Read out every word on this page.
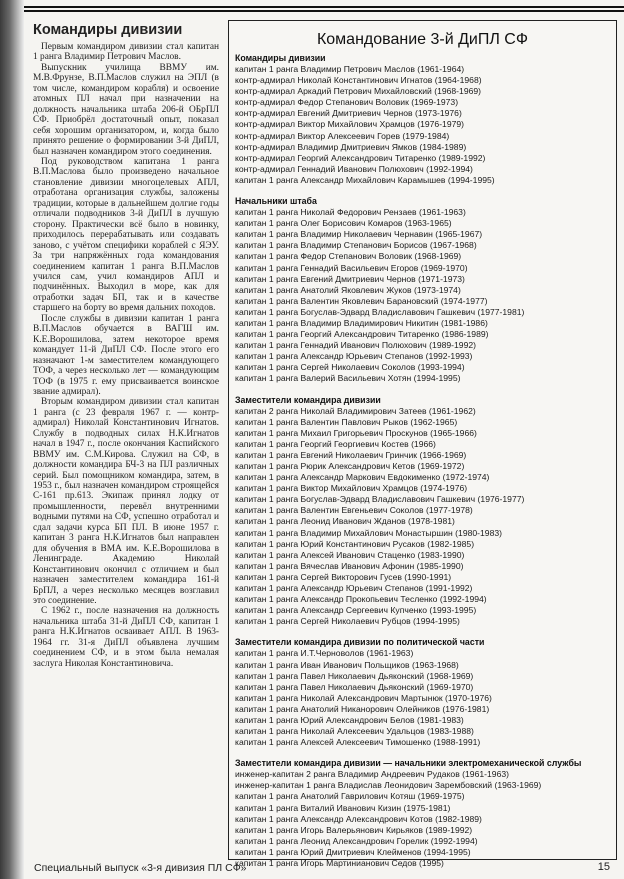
Командиры дивизии

Первым командиром дивизии стал капитан 1 ранга Владимир Петрович Маслов.

Выпускник училища ВВМУ им. М.В.Фрунзе, В.П.Маслов служил на ЭПЛ (в том числе, командиром корабля) и освоение атомных ПЛ начал при назначении на должность начальника штаба 206-й ОБрПЛ СФ. Приобрёл достаточный опыт, показал себя хорошим организатором, и, когда было принято решение о формировании 3-й ДиПЛ, был назначен командиром этого соединения.

Под руководством капитана 1 ранга В.П.Маслова было произведено начальное становление дивизии многоцелевых АПЛ, отработана организация службы, заложены традиции, которые в дальнейшем долгие годы отличали подводников 3-й ДиПЛ в лучшую сторону. Практически всё было в новинку, приходилось перерабатывать или создавать заново, с учётом специфики кораблей с ЯЭУ. За три напряжённых года командования соединением капитан 1 ранга В.П.Маслов учился сам, учил командиров АПЛ и подчинённых. Выходил в море, как для отработки задач БП, так и в качестве старшего на борту во время дальних походов.

После службы в дивизии капитан 1 ранга В.П.Маслов обучается в ВАГШ им. К.Е.Ворошилова, затем некоторое время командует 11-й ДиПЛ СФ. После этого его назначают 1-м заместителем командующего ТОФ, а через несколько лет — командующим ТОФ (в 1975 г. ему присваивается воинское звание адмирал).

Вторым командиром дивизии стал капитан 1 ранга (с 23 февраля 1967 г. — контр-адмирал) Николай Константинович Игнатов. Службу в подводных силах Н.К.Игнатов начал в 1947 г., после окончания Каспийского ВВМУ им. С.М.Кирова. Служил на СФ, в должности командира БЧ-3 на ПЛ различных серий. Был помощником командира, затем, в 1953 г., был назначен командиром строящейся С-161 пр.613. Экипаж принял лодку от промышленности, перевёл внутренними водными путями на СФ, успешно отработал и сдал задачи курса БП ПЛ. В июне 1957 г. капитан 3 ранга Н.К.Игнатов был направлен для обучения в ВМА им. К.Е.Ворошилова в Ленинграде. Академию Николай Константинович окончил с отличием и был назначен заместителем командира 161-й БрПЛ, а через несколько месяцев возглавил это соединение.

С 1962 г., после назначения на должность начальника штаба 31-й ДиПЛ СФ, капитан 1 ранга Н.К.Игнатов осваивает АПЛ. В 1963-1964 гг. 31-я ДиПЛ объявлена лучшим соединением СФ, и в этом была немалая заслуга Николая Константиновича.

Командование 3-й ДиПЛ СФ
Командиры дивизии
капитан 1 ранга Владимир Петрович Маслов (1961-1964)
контр-адмирал Николай Константинович Игнатов (1964-1968)
контр-адмирал Аркадий Петрович Михайловский (1968-1969)
контр-адмирал Федор Степанович Воловик (1969-1973)
контр-адмирал Евгений Дмитриевич Чернов (1973-1976)
контр-адмирал Виктор Михайлович Храмцов (1976-1979)
контр-адмирал Виктор Алексеевич Горев (1979-1984)
контр-адмирал Владимир Дмитриевич Ямков (1984-1989)
контр-адмирал Георгий Александрович Титаренко (1989-1992)
контр-адмирал Геннадий Иванович Полюхович (1992-1994)
капитан 1 ранга Александр Михайлович Карамышев (1994-1995)
Начальники штаба
капитан 1 ранга Николай Федорович Рензаев (1961-1963)
капитан 1 ранга Олег Борисович Комаров (1963-1965)
капитан 1 ранга Владимир Николаевич Чернавин (1965-1967)
капитан 1 ранга Владимир Степанович Борисов (1967-1968)
капитан 1 ранга Федор Степанович Воловик (1968-1969)
капитан 1 ранга Геннадий Васильевич Егоров (1969-1970)
капитан 1 ранга Евгений Дмитриевич Чернов (1971-1973)
капитан 1 ранга Анатолий Яковлевич Жуков (1973-1974)
капитан 1 ранга Валентин Яковлевич Барановский (1974-1977)
капитан 1 ранга Богуслав-Эдвард Владиславович Гашкевич (1977-1981)
капитан 1 ранга Владимир Владимирович Никитин (1981-1986)
капитан 1 ранга Георгий Александрович Титаренко (1986-1989)
капитан 1 ранга Геннадий Иванович Полюхович (1989-1992)
капитан 1 ранга Александр Юрьевич Степанов (1992-1993)
капитан 1 ранга Сергей Николаевич Соколов (1993-1994)
капитан 1 ранга Валерий Васильевич Хотян (1994-1995)
Заместители командира дивизии
капитан 2 ранга Николай Владимирович Затеев (1961-1962)
капитан 1 ранга Валентин Павлович Рыков (1962-1965)
капитан 1 ранга Михаил Григорьевич Проскунов (1965-1966)
капитан 1 ранга Георгий Георгиевич Костев (1966)
капитан 1 ранга Евгений Николаевич Гринчик (1966-1969)
капитан 1 ранга Рюрик Александрович Кетов (1969-1972)
капитан 1 ранга Александр Маркович Евдокименко (1972-1974)
капитан 1 ранга Виктор Михайлович Храмцов (1974-1976)
капитан 1 ранга Богуслав-Эдвард Владиславович Гашкевич (1976-1977)
капитан 1 ранга Валентин Евгеньевич Соколов (1977-1978)
капитан 1 ранга Леонид Иванович Жданов (1978-1981)
капитан 1 ранга Владимир Михайлович Монастыршин (1980-1983)
капитан 1 ранга Юрий Константинович Русаков (1982-1985)
капитан 1 ранга Алексей Иванович Стаценко (1983-1990)
капитан 1 ранга Вячеслав Иванович Афонин (1985-1990)
капитан 1 ранга Сергей Викторович Гусев (1990-1991)
капитан 1 ранга Александр Юрьевич Степанов (1991-1992)
капитан 1 ранга Александр Прокопьевич Тесленко (1992-1994)
капитан 1 ранга Александр Сергеевич Купченко (1993-1995)
капитан 1 ранга Сергей Николаевич Рубцов (1994-1995)
Заместители командира дивизии по политической части
капитан 1 ранга И.Т.Черноволов (1961-1963)
капитан 1 ранга Иван Иванович Польщиков (1963-1968)
капитан 1 ранга Павел Николаевич Дьяконский (1968-1969)
капитан 1 ранга Павел Николаевич Дьяконский (1969-1970)
капитан 1 ранга Николай Александрович Мартынюк (1970-1976)
капитан 1 ранга Анатолий Никанорович Олейников (1976-1981)
капитан 1 ранга Юрий Александрович Белов (1981-1983)
капитан 1 ранга Николай Алексеевич Удальцов (1983-1988)
капитан 1 ранга Алексей Алексеевич Тимошенко (1988-1991)
Заместители командира дивизии — начальники электромеханической службы
инженер-капитан 2 ранга Владимир Андреевич Рудаков (1961-1963)
инженер-капитан 1 ранга Владислав Леонидович Зарембовский (1963-1969)
капитан 1 ранга Анатолий Гаврилович Котяш (1969-1975)
капитан 1 ранга Виталий Иванович Кизин (1975-1981)
капитан 1 ранга Александр Александрович Котов (1982-1989)
капитан 1 ранга Игорь Валерьянович Кирьяков (1989-1992)
капитан 1 ранга Леонид Александрович Горелик (1992-1994)
капитан 1 ранга Юрий Дмитриевич Клейменов (1994-1995)
капитан 1 ранга Игорь Мартинианович Седов (1995)
Специальный выпуск «3-я дивизия ПЛ СФ»	15
